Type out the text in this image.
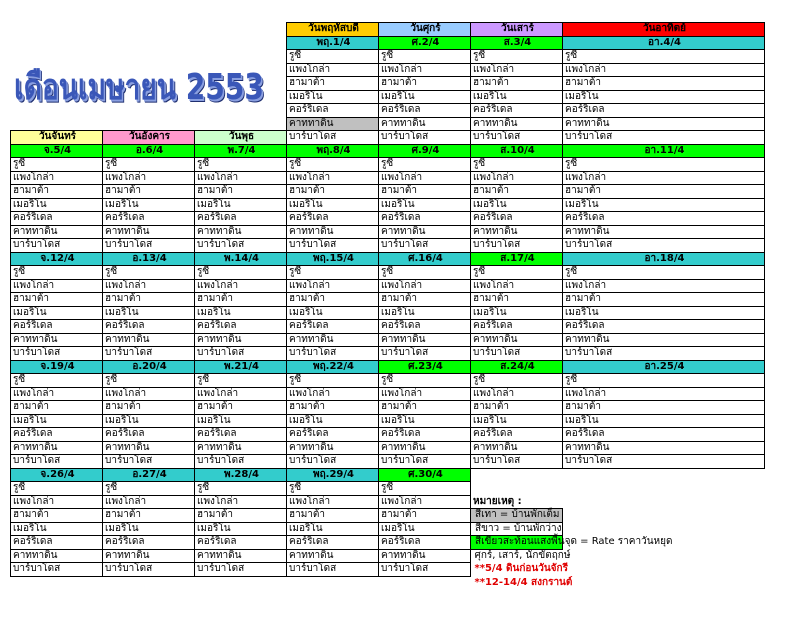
เดือนเมษายน 2553
			วันพฤหัสบดี	วันศุกร์	วันเสาร์	วันอาทิตย์
			พฤ.1/4	ศ.2/4	ส.3/4	อา.4/4
			รูซี่	รูซี่	รูซี่	รูซี่
			แพงโกล่า	แพงโกล่า	แพงโกล่า	แพงโกล่า
			ฮามาต้า	ฮามาต้า	ฮามาต้า	ฮามาต้า
			เมอริโน	เมอริโน	เมอริโน	เมอริโน
			คอร์ริเดล	คอร์ริเดล	คอร์ริเดล	คอร์ริเดล
			คาททาดิน	คาททาดิน	คาททาดิน	คาททาดิน
วันจันทร์	วันอังคาร	วันพุธ	บาร์บาโดส	บาร์บาโดส	บาร์บาโดส	บาร์บาโดส
จ.5/4	อ.6/4	พ.7/4	พฤ.8/4	ศ.9/4	ส.10/4	อา.11/4
รูซี่	รูซี่	รูซี่	รูซี่	รูซี่	รูซี่	รูซี่
แพงโกล่า	แพงโกล่า	แพงโกล่า	แพงโกล่า	แพงโกล่า	แพงโกล่า	แพงโกล่า
ฮามาต้า	ฮามาต้า	ฮามาต้า	ฮามาต้า	ฮามาต้า	ฮามาต้า	ฮามาต้า
เมอริโน	เมอริโน	เมอริโน	เมอริโน	เมอริโน	เมอริโน	เมอริโน
คอร์ริเดล	คอร์ริเดล	คอร์ริเดล	คอร์ริเดล	คอร์ริเดล	คอร์ริเดล	คอร์ริเดล
คาททาดิน	คาททาดิน	คาททาดิน	คาททาดิน	คาททาดิน	คาททาดิน	คาททาดิน
บาร์บาโดส	บาร์บาโดส	บาร์บาโดส	บาร์บาโดส	บาร์บาโดส	บาร์บาโดส	บาร์บาโดส
จ.12/4	อ.13/4	พ.14/4	พฤ.15/4	ศ.16/4	ส.17/4	อา.18/4
รูซี่	รูซี่	รูซี่	รูซี่	รูซี่	รูซี่	รูซี่
แพงโกล่า	แพงโกล่า	แพงโกล่า	แพงโกล่า	แพงโกล่า	แพงโกล่า	แพงโกล่า
ฮามาต้า	ฮามาต้า	ฮามาต้า	ฮามาต้า	ฮามาต้า	ฮามาต้า	ฮามาต้า
เมอริโน	เมอริโน	เมอริโน	เมอริโน	เมอริโน	เมอริโน	เมอริโน
คอร์ริเดล	คอร์ริเดล	คอร์ริเดล	คอร์ริเดล	คอร์ริเดล	คอร์ริเดล	คอร์ริเดล
คาททาดิน	คาททาดิน	คาททาดิน	คาททาดิน	คาททาดิน	คาททาดิน	คาททาดิน
บาร์บาโดส	บาร์บาโดส	บาร์บาโดส	บาร์บาโดส	บาร์บาโดส	บาร์บาโดส	บาร์บาโดส
จ.19/4	อ.20/4	พ.21/4	พฤ.22/4	ศ.23/4	ส.24/4	อา.25/4
รูซี่	รูซี่	รูซี่	รูซี่	รูซี่	รูซี่	รูซี่
แพงโกล่า	แพงโกล่า	แพงโกล่า	แพงโกล่า	แพงโกล่า	แพงโกล่า	แพงโกล่า
ฮามาต้า	ฮามาต้า	ฮามาต้า	ฮามาต้า	ฮามาต้า	ฮามาต้า	ฮามาต้า
เมอริโน	เมอริโน	เมอริโน	เมอริโน	เมอริโน	เมอริโน	เมอริโน
คอร์ริเดล	คอร์ริเดล	คอร์ริเดล	คอร์ริเดล	คอร์ริเดล	คอร์ริเดล	คอร์ริเดล
คาททาดิน	คาททาดิน	คาททาดิน	คาททาดิน	คาททาดิน	คาททาดิน	คาททาดิน
บาร์บาโดส	บาร์บาโดส	บาร์บาโดส	บาร์บาโดส	บาร์บาโดส	บาร์บาโดส	บาร์บาโดส
จ.26/4	อ.27/4	พ.28/4	พฤ.29/4	ศ.30/4		
รูซี่	รูซี่	รูซี่	รูซี่	รูซี่		
แพงโกล่า	แพงโกล่า	แพงโกล่า	แพงโกล่า	แพงโกล่า	หมายเหตุ :	
ฮามาต้า	ฮามาต้า	ฮามาต้า	ฮามาต้า	ฮามาต้า		สีเทา = บ้านพักเต็ม
เมอริโน	เมอริโน	เมอริโน	เมอริโน	เมอริโน		สีขาว = บ้านพักว่าง
คอร์ริเดล	คอร์ริเดล	คอร์ริเดล	คอร์ริเดล	คอร์ริเดล		สีเขียวสะท้อนแสงพื้นจุด = Rate ราคาวันหยุด
คาททาดิน	คาททาดิน	คาททาดิน	คาททาดิน	คาททาดิน		ศุกร์, เสาร์, นักขัตฤกษ์
บาร์บาโดส	บาร์บาโดส	บาร์บาโดส	บาร์บาโดส	บาร์บาโดส		**5/4 ดินก่อนวันจักรี
						**12-14/4 สงกรานต์
